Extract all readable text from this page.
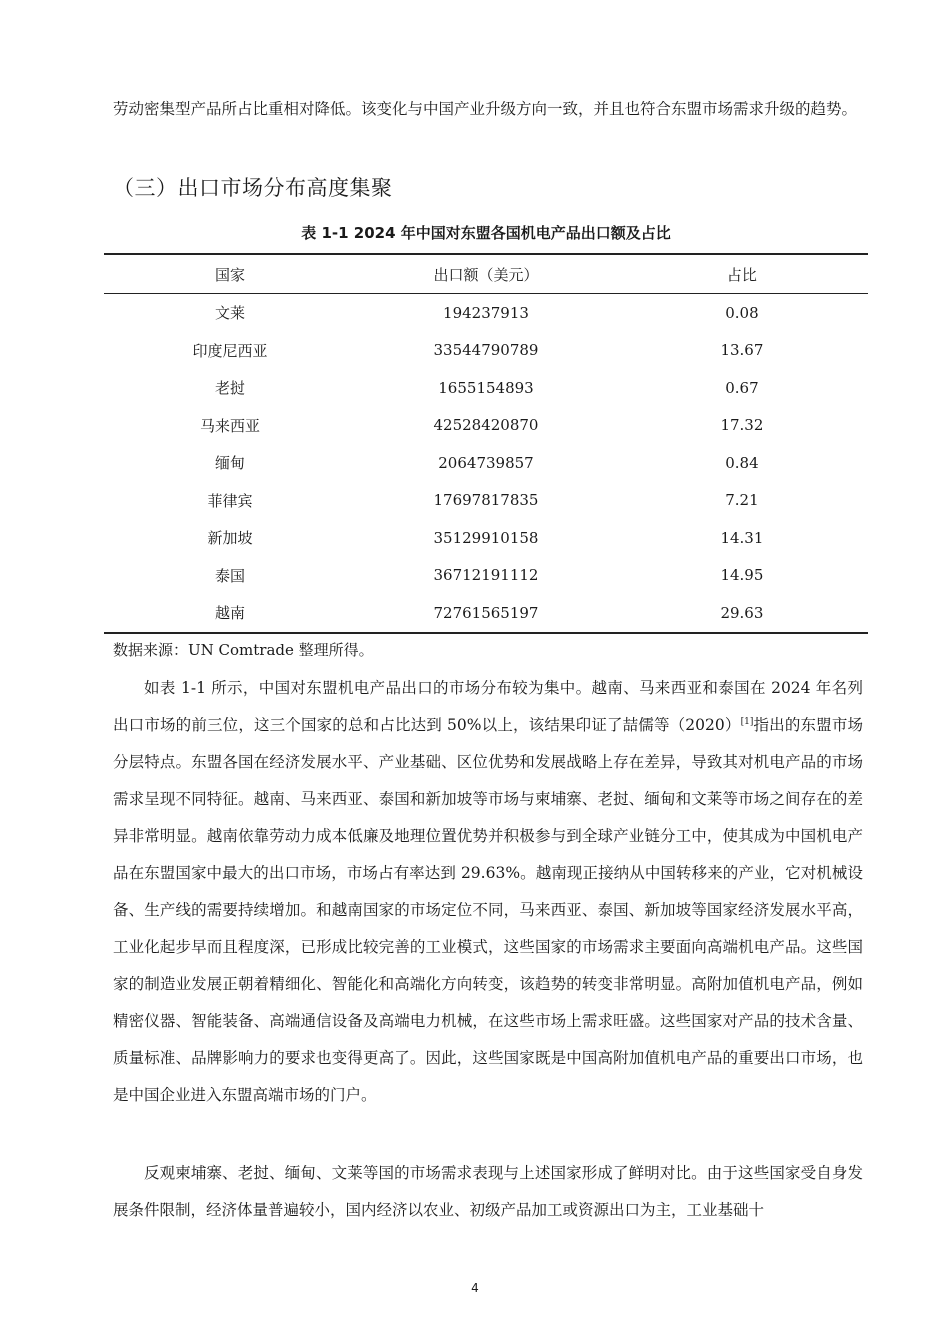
劳动密集型产品所占比重相对降低。该变化与中国产业升级方向一致，并且也符合东盟市场需求升级的趋势。

（三）出口市场分布高度集聚

表 1-1 2024 年中国对东盟各国机电产品出口额及占比

国家	出口额（美元）	占比
文莱	194237913	0.08
印度尼西亚	33544790789	13.67
老挝	1655154893	0.67
马来西亚	42528420870	17.32
缅甸	2064739857	0.84
菲律宾	17697817835	7.21
新加坡	35129910158	14.31
泰国	36712191112	14.95
越南	72761565197	29.63

数据来源：UN Comtrade 整理所得。

如表 1-1 所示，中国对东盟机电产品出口的市场分布较为集中。越南、马来西亚和泰国在 2024 年名列出口市场的前三位，这三个国家的总和占比达到 50%以上，该结果印证了喆儒等（2020）[1]指出的东盟市场分层特点。东盟各国在经济发展水平、产业基础、区位优势和发展战略上存在差异，导致其对机电产品的市场需求呈现不同特征。越南、马来西亚、泰国和新加坡等市场与柬埔寨、老挝、缅甸和文莱等市场之间存在的差异非常明显。越南依靠劳动力成本低廉及地理位置优势并积极参与到全球产业链分工中，使其成为中国机电产品在东盟国家中最大的出口市场，市场占有率达到 29.63%。越南现正接纳从中国转移来的产业，它对机械设备、生产线的需要持续增加。和越南国家的市场定位不同，马来西亚、泰国、新加坡等国家经济发展水平高，工业化起步早而且程度深，已形成比较完善的工业模式，这些国家的市场需求主要面向高端机电产品。这些国家的制造业发展正朝着精细化、智能化和高端化方向转变，该趋势的转变非常明显。高附加值机电产品，例如精密仪器、智能装备、高端通信设备及高端电力机械，在这些市场上需求旺盛。这些国家对产品的技术含量、质量标准、品牌影响力的要求也变得更高了。因此，这些国家既是中国高附加值机电产品的重要出口市场，也是中国企业进入东盟高端市场的门户。

反观柬埔寨、老挝、缅甸、文莱等国的市场需求表现与上述国家形成了鲜明对比。由于这些国家受自身发展条件限制，经济体量普遍较小，国内经济以农业、初级产品加工或资源出口为主，工业基础十

4
